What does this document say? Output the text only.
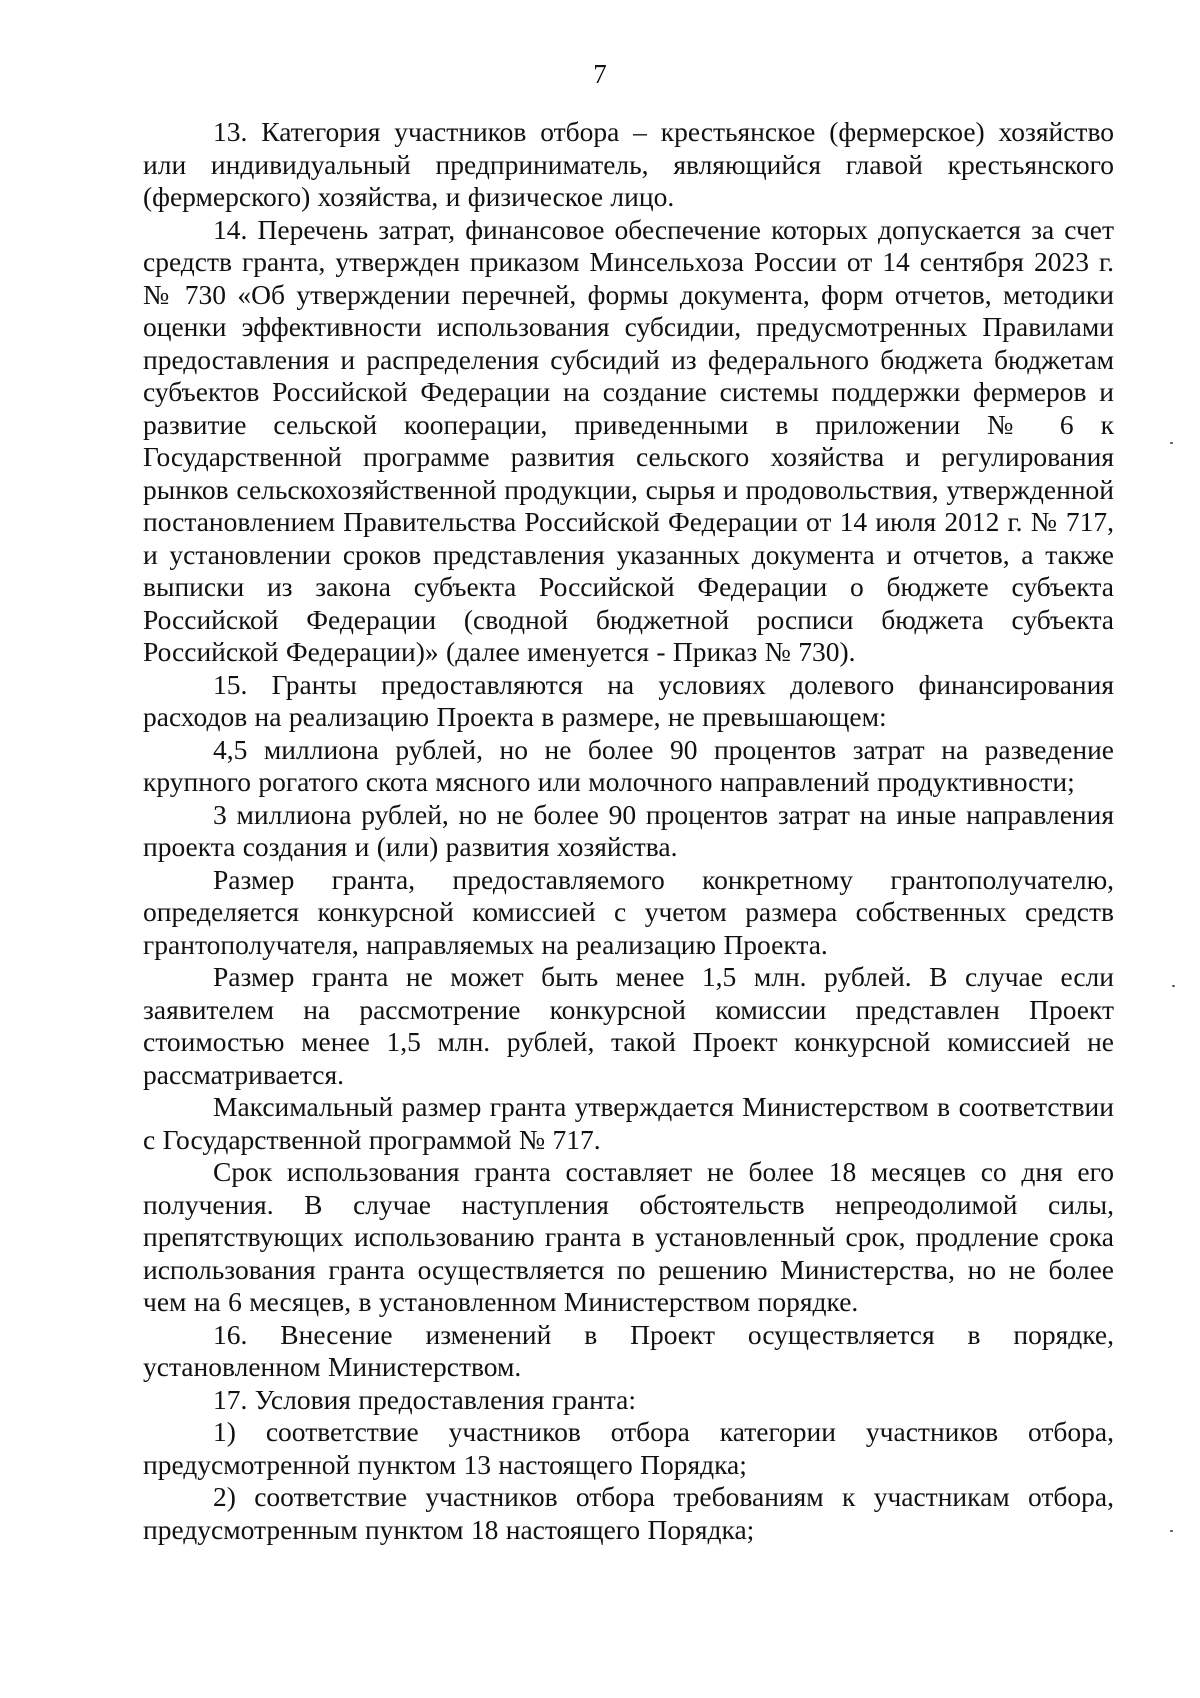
7

13. Категория участников отбора – крестьянское (фермерское) хозяйство или индивидуальный предприниматель, являющийся главой крестьянского (фермерского) хозяйства, и физическое лицо.

14. Перечень затрат, финансовое обеспечение которых допускается за счет средств гранта, утвержден приказом Минсельхоза России от 14 сентября 2023 г. № 730 «Об утверждении перечней, формы документа, форм отчетов, методики оценки эффективности использования субсидии, предусмотренных Правилами предоставления и распределения субсидий из федерального бюджета бюджетам субъектов Российской Федерации на создание системы поддержки фермеров и развитие сельской кооперации, приведенными в приложении № 6 к Государственной программе развития сельского хозяйства и регулирования рынков сельскохозяйственной продукции, сырья и продовольствия, утвержденной постановлением Правительства Российской Федерации от 14 июля 2012 г. № 717, и установлении сроков представления указанных документа и отчетов, а также выписки из закона субъекта Российской Федерации о бюджете субъекта Российской Федерации (сводной бюджетной росписи бюджета субъекта Российской Федерации)» (далее именуется - Приказ № 730).

15. Гранты предоставляются на условиях долевого финансирования расходов на реализацию Проекта в размере, не превышающем:

4,5 миллиона рублей, но не более 90 процентов затрат на разведение крупного рогатого скота мясного или молочного направлений продуктивности;

3 миллиона рублей, но не более 90 процентов затрат на иные направления проекта создания и (или) развития хозяйства.

Размер гранта, предоставляемого конкретному грантополучателю, определяется конкурсной комиссией с учетом размера собственных средств грантополучателя, направляемых на реализацию Проекта.

Размер гранта не может быть менее 1,5 млн. рублей. В случае если заявителем на рассмотрение конкурсной комиссии представлен Проект стоимостью менее 1,5 млн. рублей, такой Проект конкурсной комиссией не рассматривается.

Максимальный размер гранта утверждается Министерством в соответствии с Государственной программой № 717.

Срок использования гранта составляет не более 18 месяцев со дня его получения. В случае наступления обстоятельств непреодолимой силы, препятствующих использованию гранта в установленный срок, продление срока использования гранта осуществляется по решению Министерства, но не более чем на 6 месяцев, в установленном Министерством порядке.

16. Внесение изменений в Проект осуществляется в порядке, установленном Министерством.

17. Условия предоставления гранта:

1) соответствие участников отбора категории участников отбора, предусмотренной пунктом 13 настоящего Порядка;

2) соответствие участников отбора требованиям к участникам отбора, предусмотренным пунктом 18 настоящего Порядка;
